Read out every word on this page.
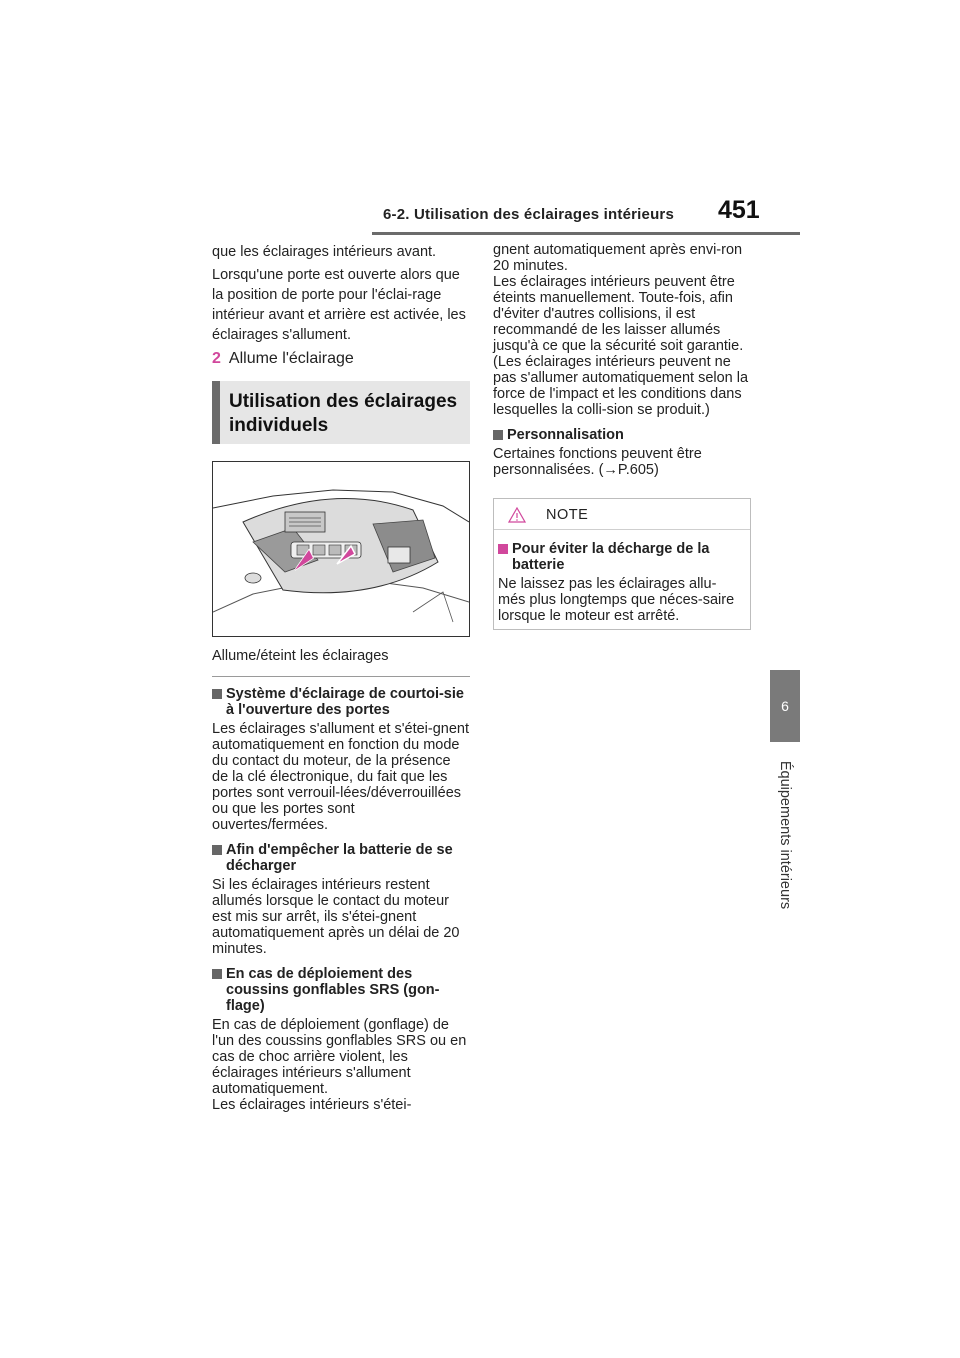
6-2. Utilisation des éclairages intérieurs 451
6
Équipements intérieurs

que les éclairages intérieurs avant.

Lorsqu'une porte est ouverte alors que la position de porte pour l'éclai-rage intérieur avant et arrière est activée, les éclairages s'allument.

2 Allume l'éclairage
Utilisation des éclairages individuels
Allume/éteint les éclairages
Système d'éclairage de courtoi-sie à l'ouverture des portes

Les éclairages s'allument et s'étei-gnent automatiquement en fonction du mode du contact du moteur, de la présence de la clé électronique, du fait que les portes sont verrouil-lées/déverrouillées ou que les portes sont ouvertes/fermées.

Afin d'empêcher la batterie de se décharger

Si les éclairages intérieurs restent allumés lorsque le contact du moteur est mis sur arrêt, ils s'étei-gnent automatiquement après un délai de 20 minutes.

En cas de déploiement des coussins gonflables SRS (gon-flage)

En cas de déploiement (gonflage) de l'un des coussins gonflables SRS ou en cas de choc arrière violent, les éclairages intérieurs s'allument automatiquement.
Les éclairages intérieurs s'étei-

gnent automatiquement après envi-ron 20 minutes.
Les éclairages intérieurs peuvent être éteints manuellement. Toute-fois, afin d'éviter d'autres collisions, il est recommandé de les laisser allumés jusqu'à ce que la sécurité soit garantie.
(Les éclairages intérieurs peuvent ne pas s'allumer automatiquement selon la force de l'impact et les conditions dans lesquelles la colli-sion se produit.)

Personnalisation

Certaines fonctions peuvent être personnalisées. (→P.605)

NOTE
Pour éviter la décharge de la batterie

Ne laissez pas les éclairages allu-més plus longtemps que néces-saire lorsque le moteur est arrêté.
